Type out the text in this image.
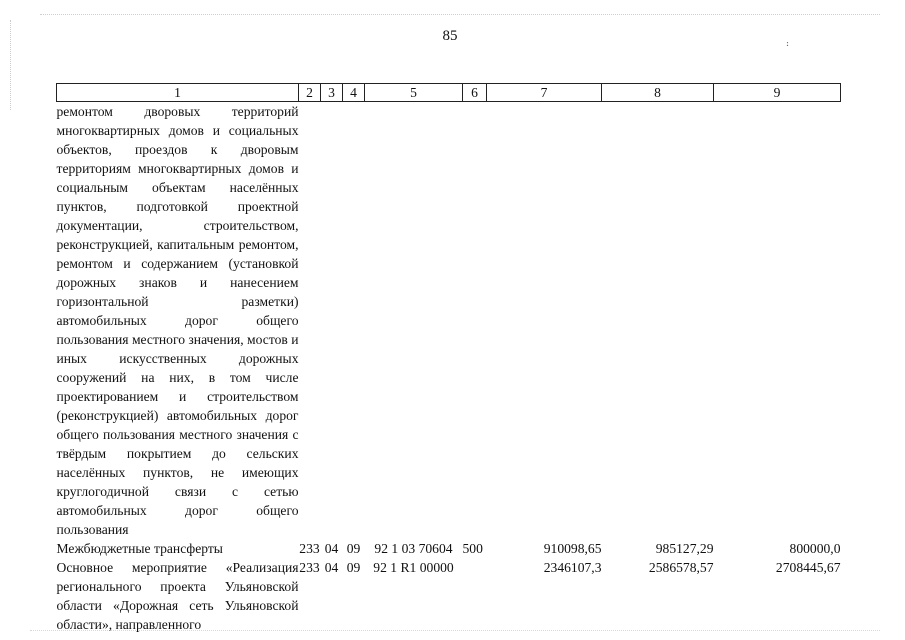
85	꞉
1	2	3	4	5	6	7	8	9
ремонтом дворовых территорий многоквартирных домов и социальных объектов, проездов к дворовым территориям многоквартирных домов и социальным объектам населённых пунктов, подготовкой проектной документации, строительством, реконструкцией, капитальным ремонтом, ремонтом и содержанием (установкой дорожных знаков и нанесением горизонтальной разметки) автомобильных дорог общего пользования местного значения, мостов и иных искусственных дорожных сооружений на них, в том числе проектированием и строительством (реконструкцией) автомобильных дорог общего пользования местного значения с твёрдым покрытием до сельских населённых пунктов, не имеющих круглогодичной связи с сетью автомобильных дорог общего пользования								
Межбюджетные трансферты	233	04	09	92 1 03 70604	500	910098,65	985127,29	800000,0
Основное мероприятие «Реализация регионального проекта Ульяновской области «Дорожная сеть Ульяновской области», направленного	233	04	09	92 1 R1 00000		2346107,3	2586578,57	2708445,67
